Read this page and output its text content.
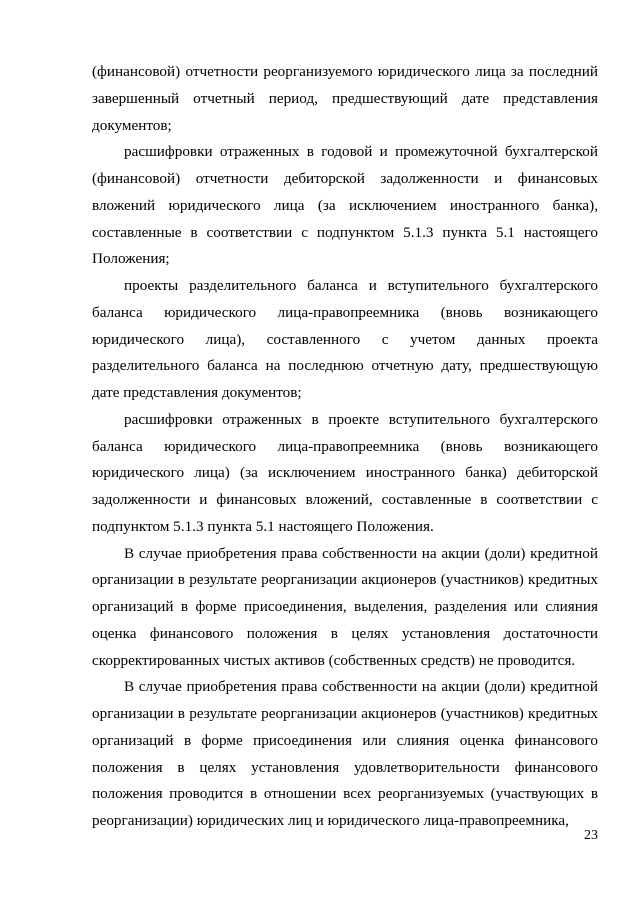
(финансовой) отчетности реорганизуемого юридического лица за последний завершенный отчетный период, предшествующий дате представления документов;

расшифровки отраженных в годовой и промежуточной бухгалтерской (финансовой) отчетности дебиторской задолженности и финансовых вложений юридического лица (за исключением иностранного банка), составленные в соответствии с подпунктом 5.1.3 пункта 5.1 настоящего Положения;

проекты разделительного баланса и вступительного бухгалтерского баланса юридического лица-правопреемника (вновь возникающего юридического лица), составленного с учетом данных проекта разделительного баланса на последнюю отчетную дату, предшествующую дате представления документов;

расшифровки отраженных в проекте вступительного бухгалтерского баланса юридического лица-правопреемника (вновь возникающего юридического лица) (за исключением иностранного банка) дебиторской задолженности и финансовых вложений, составленные в соответствии с подпунктом 5.1.3 пункта 5.1 настоящего Положения.

В случае приобретения права собственности на акции (доли) кредитной организации в результате реорганизации акционеров (участников) кредитных организаций в форме присоединения, выделения, разделения или слияния оценка финансового положения в целях установления достаточности скорректированных чистых активов (собственных средств) не проводится.

В случае приобретения права собственности на акции (доли) кредитной организации в результате реорганизации акционеров (участников) кредитных организаций в форме присоединения или слияния оценка финансового положения в целях установления удовлетворительности финансового положения проводится в отношении всех реорганизуемых (участвующих в реорганизации) юридических лиц и юридического лица-правопреемника,

23
